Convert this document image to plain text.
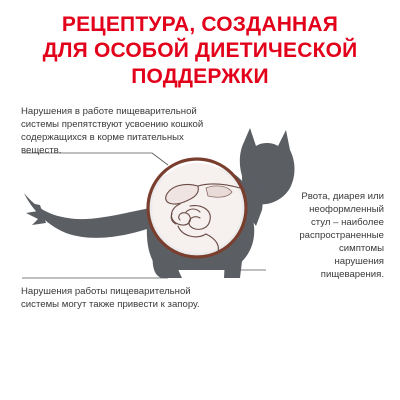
РЕЦЕПТУРА, СОЗДАННАЯ
ДЛЯ ОСОБОЙ ДИЕТИЧЕСКОЙ
ПОДДЕРЖКИ
Нарушения в работе пищеварительной
системы препятствуют усвоению кошкой
содержащихся в корме питательных
веществ.
Рвота, диарея или
неоформленный
стул – наиболее
распространенные
симптомы
нарушения
пищеварения.
Нарушения работы пищеварительной
системы могут также привести к запору.
